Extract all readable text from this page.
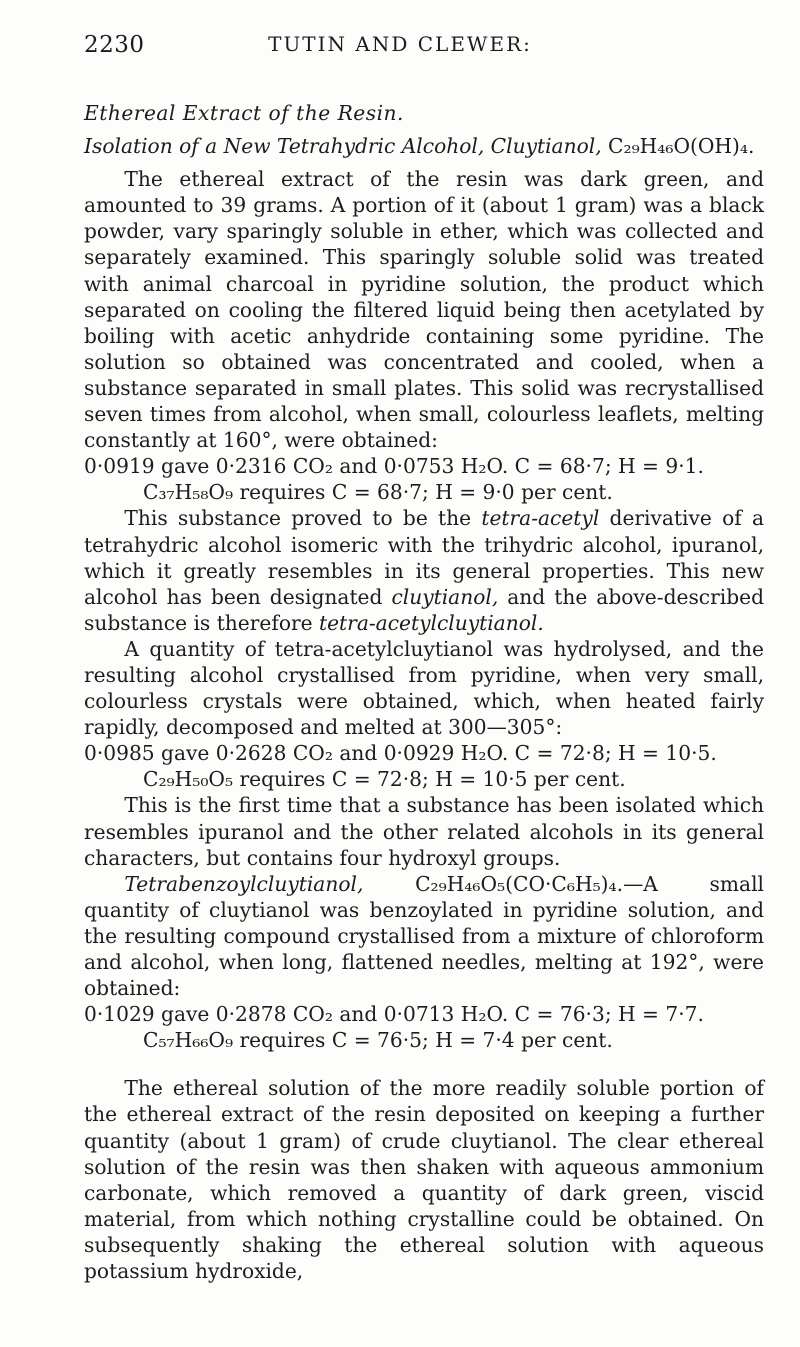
2230	TUTIN AND CLEWER:

Ethereal Extract of the Resin.

Isolation of a New Tetrahydric Alcohol, Cluytianol, C₂₉H₄₆O(OH)₄.

The ethereal extract of the resin was dark green, and amounted to 39 grams. A portion of it (about 1 gram) was a black powder, vary sparingly soluble in ether, which was collected and separately examined. This sparingly soluble solid was treated with animal charcoal in pyridine solution, the product which separated on cooling the filtered liquid being then acetylated by boiling with acetic anhydride containing some pyridine. The solution so obtained was concentrated and cooled, when a substance separated in small plates. This solid was recrystallised seven times from alcohol, when small, colourless leaflets, melting constantly at 160°, were obtained:

0·0919 gave 0·2316 CO₂ and 0·0753 H₂O. C = 68·7; H = 9·1.

C₃₇H₅₈O₉ requires C = 68·7; H = 9·0 per cent.

This substance proved to be the tetra-acetyl derivative of a tetrahydric alcohol isomeric with the trihydric alcohol, ipuranol, which it greatly resembles in its general properties. This new alcohol has been designated cluytianol, and the above-described substance is therefore tetra-acetylcluytianol.

A quantity of tetra-acetylcluytianol was hydrolysed, and the resulting alcohol crystallised from pyridine, when very small, colourless crystals were obtained, which, when heated fairly rapidly, decomposed and melted at 300—305°:

0·0985 gave 0·2628 CO₂ and 0·0929 H₂O. C = 72·8; H = 10·5.

C₂₉H₅₀O₅ requires C = 72·8; H = 10·5 per cent.

This is the first time that a substance has been isolated which resembles ipuranol and the other related alcohols in its general characters, but contains four hydroxyl groups.

Tetrabenzoylcluytianol, C₂₉H₄₆O₅(CO·C₆H₅)₄.—A small quantity of cluytianol was benzoylated in pyridine solution, and the resulting compound crystallised from a mixture of chloroform and alcohol, when long, flattened needles, melting at 192°, were obtained:

0·1029 gave 0·2878 CO₂ and 0·0713 H₂O. C = 76·3; H = 7·7.

C₅₇H₆₆O₉ requires C = 76·5; H = 7·4 per cent.

The ethereal solution of the more readily soluble portion of the ethereal extract of the resin deposited on keeping a further quantity (about 1 gram) of crude cluytianol. The clear ethereal solution of the resin was then shaken with aqueous ammonium carbonate, which removed a quantity of dark green, viscid material, from which nothing crystalline could be obtained. On subsequently shaking the ethereal solution with aqueous potassium hydroxide,
